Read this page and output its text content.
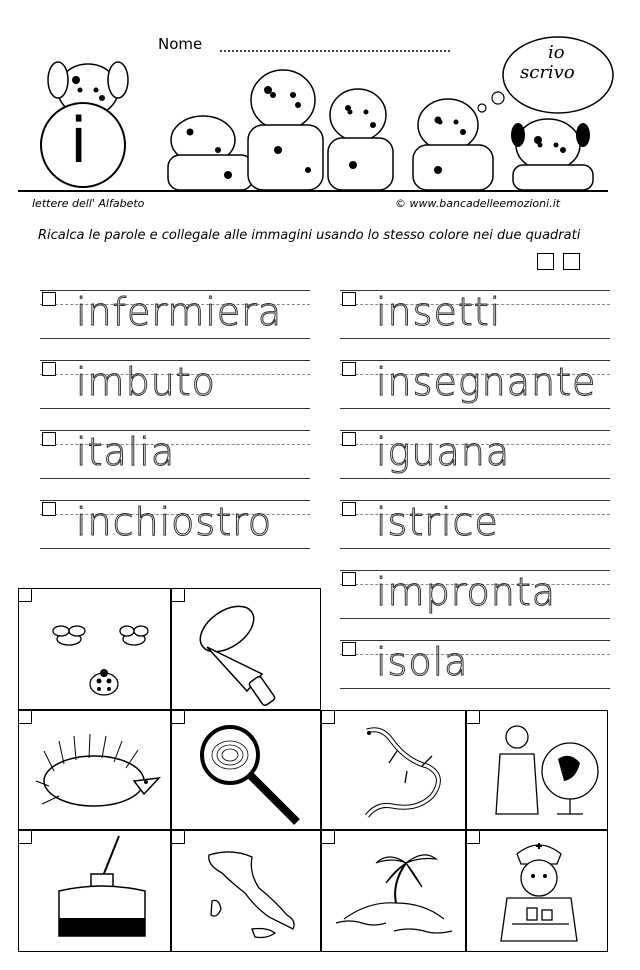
Nome	io
scrivo
i
lettere dell' Alfabeto	© www.bancadelleemozioni.it
Ricalca le parole e collegale alle immagini usando lo stesso colore nei due quadrati
infermiera
imbuto
italia
inchiostro
insetti
insegnante
iguana
istrice
impronta
isola
